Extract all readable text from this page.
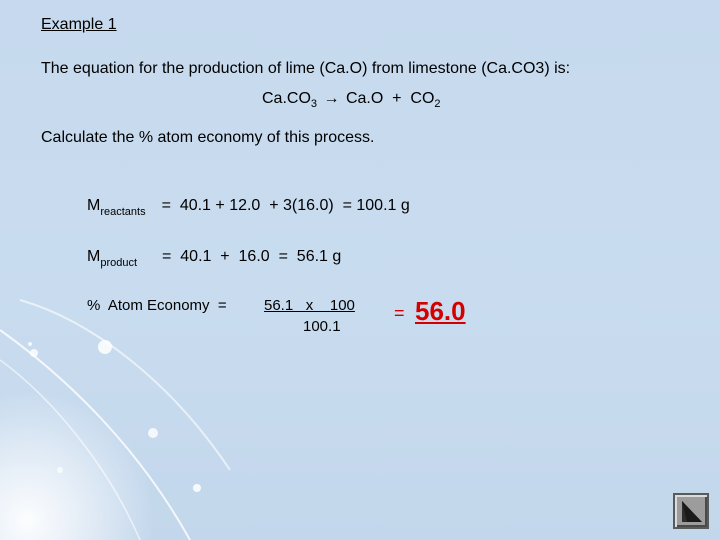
Example 1
The equation for the production of lime (Ca.O) from limestone (Ca.CO3) is:
$Ca.CO_3 \to Ca.O + CO_2$
Calculate the % atom economy of this process.
$M_{reactants} = 40.1 + 12.0 + 3(16.0) = 100.1$ g
$M_{product} = 40.1 + 16.0 = 56.1$ g
%  Atom Economy  = 56.1   x    100
100.1
= 56.0
